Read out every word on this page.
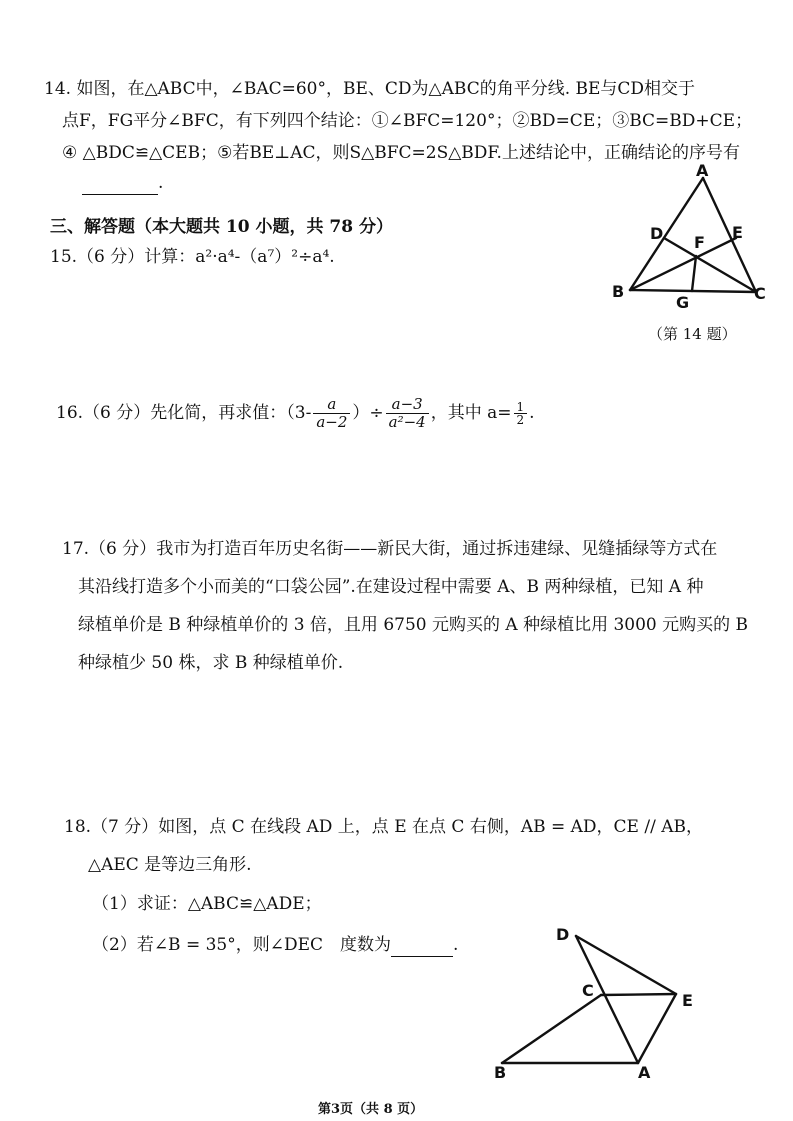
14. 如图，在△ABC中，∠BAC=60°，BE、CD为△ABC的角平分线. BE与CD相交于
点F，FG平分∠BFC，有下列四个结论：①∠BFC=120°；②BD=CE；③BC=BD+CE；
④ △BDC≌△CEB；⑤若BE⊥AC，则S△BFC=2S△BDF.上述结论中，正确结论的序号有
.
A
D F
E
B
G	C
（第 14 题）
三、解答题（本大题共 10 小题，共 78 分）
15.（6 分）计算：a²·a⁴-（a⁷）²÷a⁴.
16.（6 分）先化简，再求值：（$3- \frac{a}{a-2}$ ）÷ $\frac{a-3}{\text{a²−4}}$ ，其中 $a= \frac{1}{2}$ .
17.（6 分）我市为打造百年历史名街——新民大街，通过拆违建绿、见缝插绿等方式在
其沿线打造多个小而美的“口袋公园”.在建设过程中需要 A、B 两种绿植，已知 A 种
绿植单价是 B 种绿植单价的 3 倍，且用 6750 元购买的 A 种绿植比用 3000 元购买的 B
种绿植少 50 株，求 B 种绿植单价.
18.（7 分）如图，点 C 在线段 AD 上，点 E 在点 C 右侧，AB = AD，CE // AB，
△AEC 是等边三角形.
（1）求证：△ABC≌△ADE；
（2）若∠B = 35°，则∠DEC　度数为	.
D
C
E
B	A
第3页（共 8 页）
